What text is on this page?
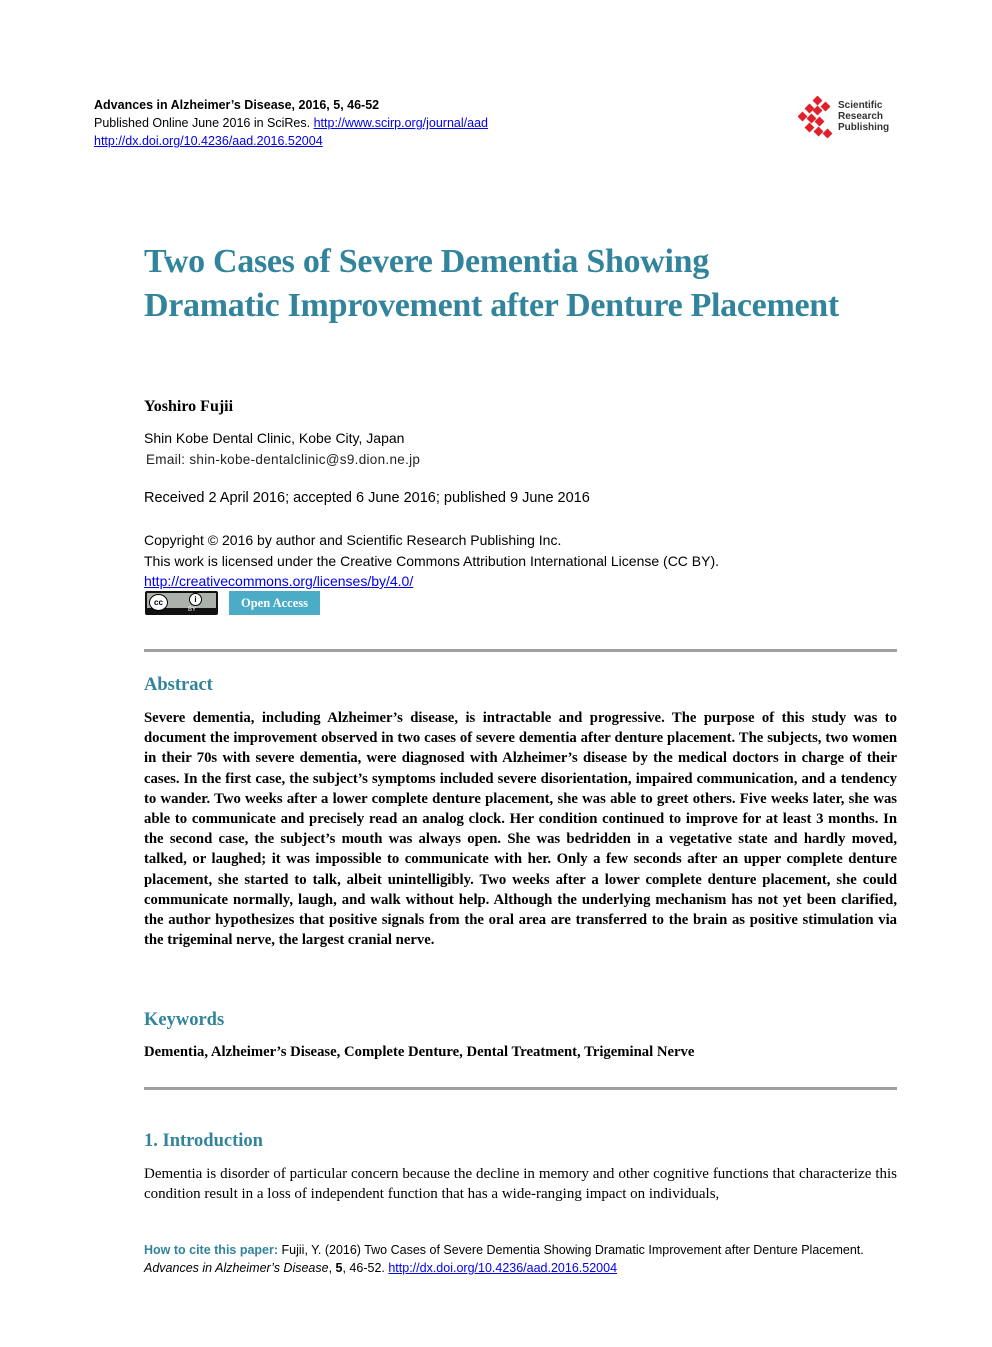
Advances in Alzheimer’s Disease, 2016, 5, 46-52
Published Online June 2016 in SciRes. http://www.scirp.org/journal/aad
http://dx.doi.org/10.4236/aad.2016.52004
Scientific
Research
Publishing
Two Cases of Severe Dementia Showing Dramatic Improvement after Denture Placement
Yoshiro Fujii
Shin Kobe Dental Clinic, Kobe City, Japan
Email: shin-kobe-dentalclinic@s9.dion.ne.jp
Received 2 April 2016; accepted 6 June 2016; published 9 June 2016
Copyright © 2016 by author and Scientific Research Publishing Inc.
This work is licensed under the Creative Commons Attribution International License (CC BY).
http://creativecommons.org/licenses/by/4.0/
cc	i
BY	Open Access
Abstract
Severe dementia, including Alzheimer’s disease, is intractable and progressive. The purpose of this study was to document the improvement observed in two cases of severe dementia after denture placement. The subjects, two women in their 70s with severe dementia, were diagnosed with Alzheimer’s disease by the medical doctors in charge of their cases. In the first case, the subject’s symptoms included severe disorientation, impaired communication, and a tendency to wander. Two weeks after a lower complete denture placement, she was able to greet others. Five weeks later, she was able to communicate and precisely read an analog clock. Her condition continued to improve for at least 3 months. In the second case, the subject’s mouth was always open. She was bedridden in a vegetative state and hardly moved, talked, or laughed; it was impossible to communicate with her. Only a few seconds after an upper complete denture placement, she started to talk, albeit unintelligibly. Two weeks after a lower complete denture placement, she could communicate normally, laugh, and walk without help. Although the underlying mechanism has not yet been clarified, the author hypothesizes that positive signals from the oral area are transferred to the brain as positive stimulation via the trigeminal nerve, the largest cranial nerve.
Keywords
Dementia, Alzheimer’s Disease, Complete Denture, Dental Treatment, Trigeminal Nerve
1. Introduction
Dementia is disorder of particular concern because the decline in memory and other cognitive functions that characterize this condition result in a loss of independent function that has a wide-ranging impact on individuals,
How to cite this paper: Fujii, Y. (2016) Two Cases of Severe Dementia Showing Dramatic Improvement after Denture Placement. Advances in Alzheimer’s Disease, 5, 46-52. http://dx.doi.org/10.4236/aad.2016.52004
